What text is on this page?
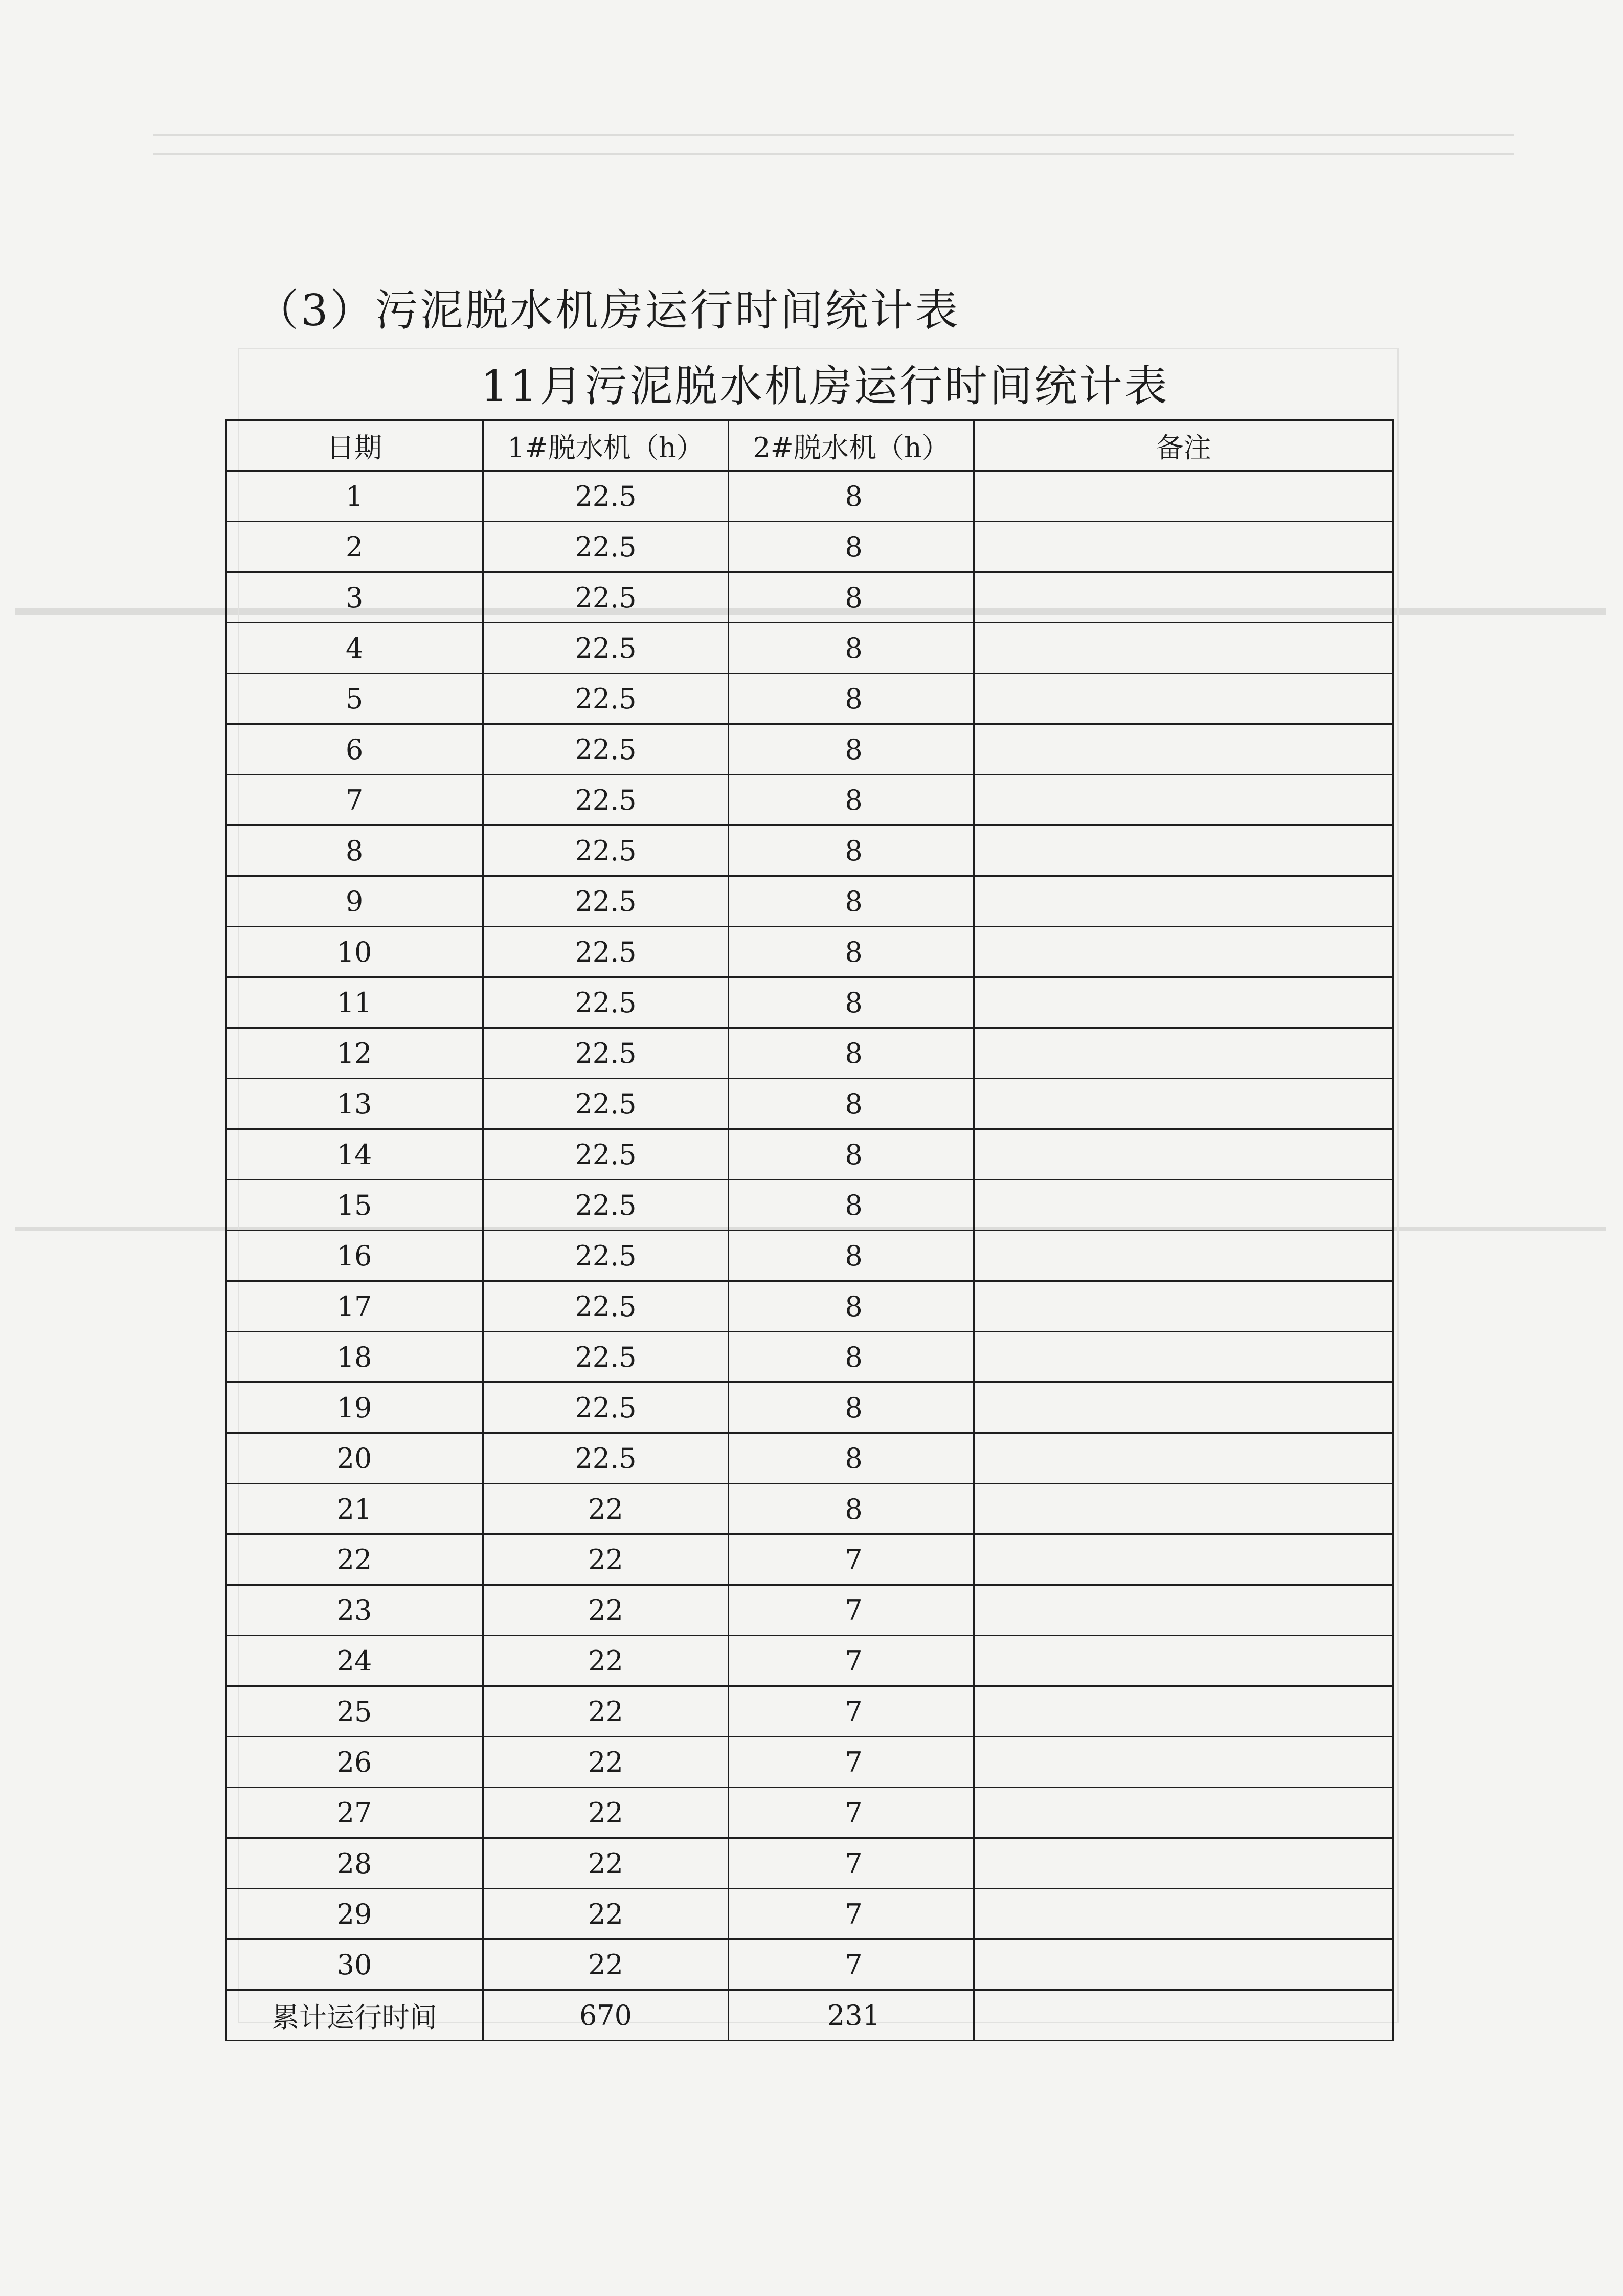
（3）污泥脱水机房运行时间统计表
11月污泥脱水机房运行时间统计表
日期	1#脱水机（h）	2#脱水机（h）	备注
1	22.5	8	
2	22.5	8	
3	22.5	8	
4	22.5	8	
5	22.5	8	
6	22.5	8	
7	22.5	8	
8	22.5	8	
9	22.5	8	
10	22.5	8	
11	22.5	8	
12	22.5	8	
13	22.5	8	
14	22.5	8	
15	22.5	8	
16	22.5	8	
17	22.5	8	
18	22.5	8	
19	22.5	8	
20	22.5	8	
21	22	8	
22	22	7	
23	22	7	
24	22	7	
25	22	7	
26	22	7	
27	22	7	
28	22	7	
29	22	7	
30	22	7	
累计运行时间	670	231	
